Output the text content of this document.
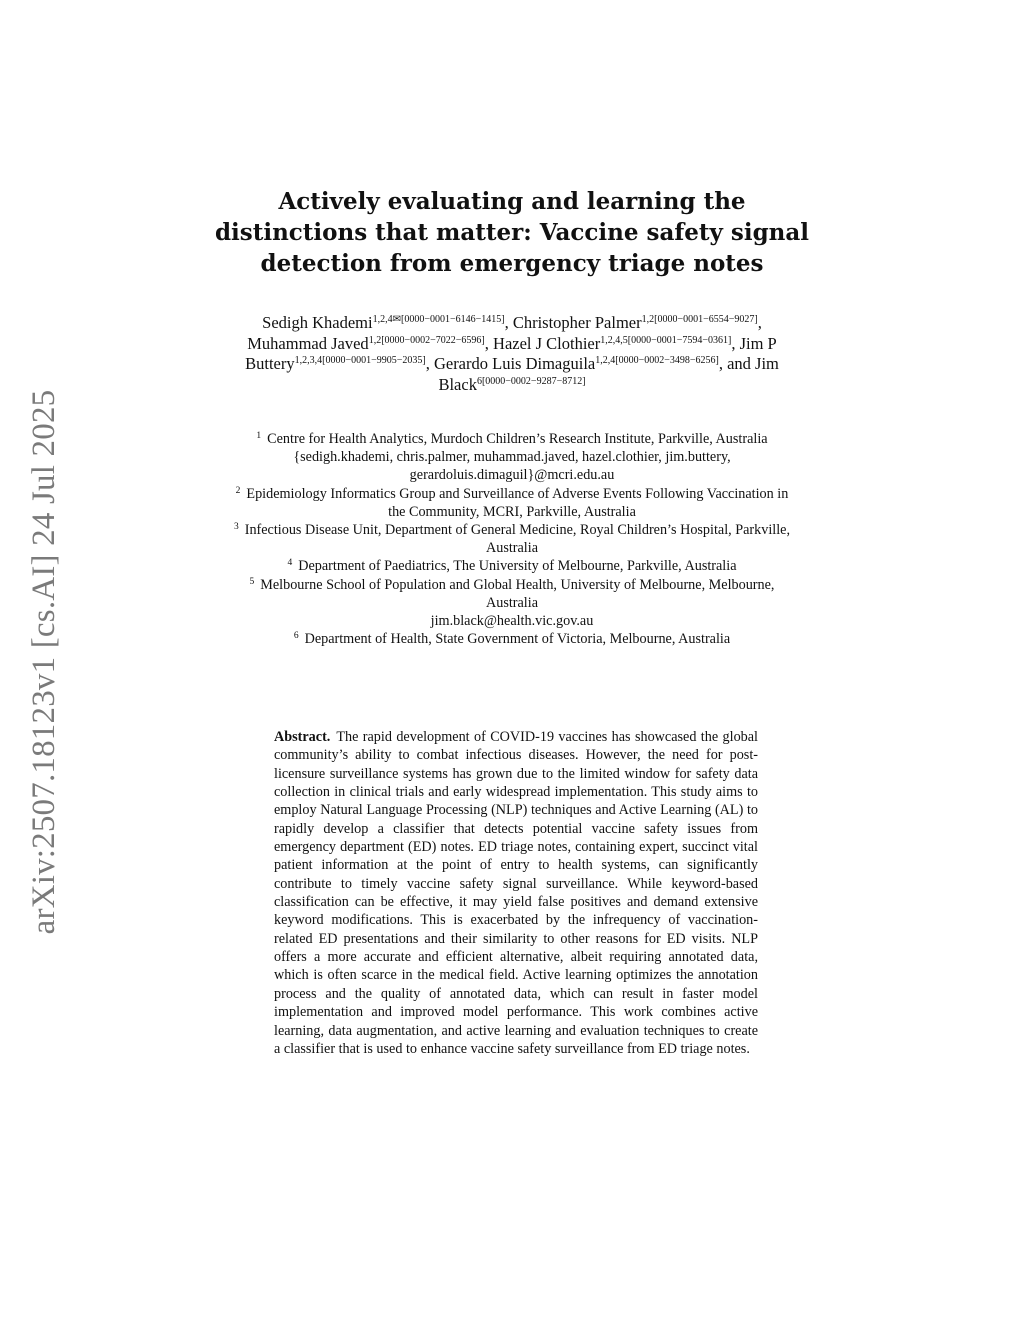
arXiv:2507.18123v1 [cs.AI] 24 Jul 2025
Actively evaluating and learning the distinctions that matter: Vaccine safety signal detection from emergency triage notes
Sedigh Khademi$^{1,2,4✉[0000-0001-6146-1415]}$, Christopher Palmer$^{1,2[0000-0001-6554-9027]}$, Muhammad Javed$^{1,2[0000-0002-7022-6596]}$, Hazel J Clothier$^{1,2,4,5[0000-0001-7594-0361]}$, Jim P Buttery$^{1,2,3,4[0000-0001-9905-2035]}$, Gerardo Luis Dimaguila$^{1,2,4[0000-0002-3498-6256]}$, and Jim Black$^{6[0000-0002-9287-8712]}$

$^1$ Centre for Health Analytics, Murdoch Children’s Research Institute, Parkville, Australia

{sedigh.khademi, chris.palmer, muhammad.javed, hazel.clothier, jim.buttery, gerardoluis.dimaguil}@mcri.edu.au

$^2$ Epidemiology Informatics Group and Surveillance of Adverse Events Following Vaccination in the Community, MCRI, Parkville, Australia

$^3$ Infectious Disease Unit, Department of General Medicine, Royal Children’s Hospital, Parkville, Australia

$^4$ Department of Paediatrics, The University of Melbourne, Parkville, Australia

$^5$ Melbourne School of Population and Global Health, University of Melbourne, Melbourne, Australia

jim.black@health.vic.gov.au

$^6$ Department of Health, State Government of Victoria, Melbourne, Australia

Abstract. The rapid development of COVID-19 vaccines has showcased the global community’s ability to combat infectious diseases. However, the need for post-licensure surveillance systems has grown due to the limited window for safety data collection in clinical trials and early widespread implementation. This study aims to employ Natural Language Processing (NLP) techniques and Active Learning (AL) to rapidly develop a classifier that detects potential vaccine safety issues from emergency department (ED) notes. ED triage notes, containing expert, succinct vital patient information at the point of entry to health systems, can significantly contribute to timely vaccine safety signal surveillance. While keyword-based classification can be effective, it may yield false positives and demand extensive keyword modifications. This is exacerbated by the infrequency of vaccination-related ED presentations and their similarity to other reasons for ED visits. NLP offers a more accurate and efficient alternative, albeit requiring annotated data, which is often scarce in the medical field. Active learning optimizes the annotation process and the quality of annotated data, which can result in faster model implementation and improved model performance. This work combines active learning, data augmentation, and active learning and evaluation techniques to create a classifier that is used to enhance vaccine safety surveillance from ED triage notes.
